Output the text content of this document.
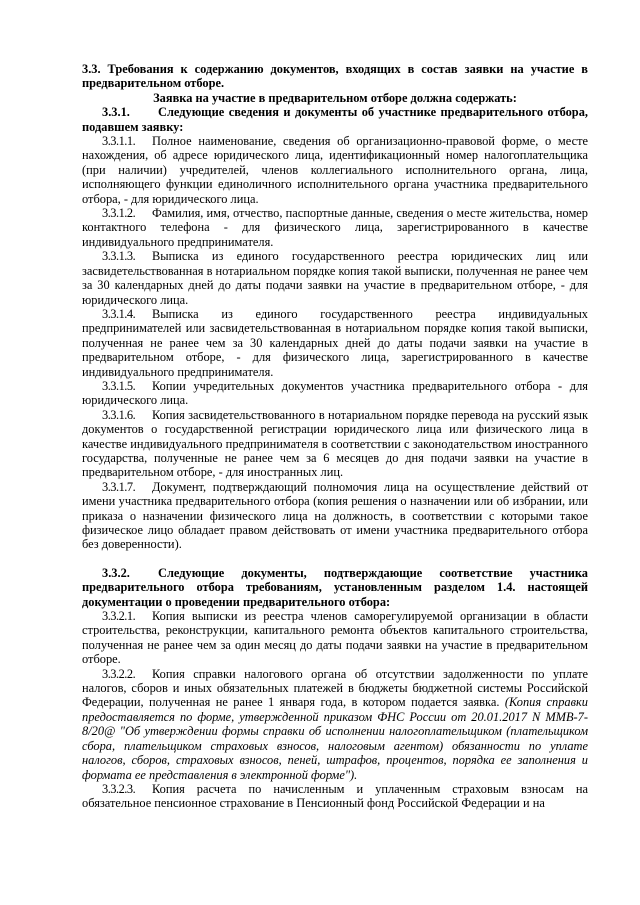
3.3. Требования к содержанию документов, входящих в состав заявки на участие в предварительном отборе.

Заявка на участие в предварительном отборе должна содержать:

3.3.1. Следующие сведения и документы об участнике предварительного отбора, подавшем заявку:

3.3.1.1. Полное наименование, сведения об организационно-правовой форме, о месте нахождения, об адресе юридического лица, идентификационный номер налогоплательщика (при наличии) учредителей, членов коллегиального исполнительного органа, лица, исполняющего функции единоличного исполнительного органа участника предварительного отбора, - для юридического лица.

3.3.1.2. Фамилия, имя, отчество, паспортные данные, сведения о месте жительства, номер контактного телефона - для физического лица, зарегистрированного в качестве индивидуального предпринимателя.

3.3.1.3. Выписка из единого государственного реестра юридических лиц или засвидетельствованная в нотариальном порядке копия такой выписки, полученная не ранее чем за 30 календарных дней до даты подачи заявки на участие в предварительном отборе, - для юридического лица.

3.3.1.4. Выписка из единого государственного реестра индивидуальных предпринимателей или засвидетельствованная в нотариальном порядке копия такой выписки, полученная не ранее чем за 30 календарных дней до даты подачи заявки на участие в предварительном отборе, - для физического лица, зарегистрированного в качестве индивидуального предпринимателя.

3.3.1.5. Копии учредительных документов участника предварительного отбора - для юридического лица.

3.3.1.6. Копия засвидетельствованного в нотариальном порядке перевода на русский язык документов о государственной регистрации юридического лица или физического лица в качестве индивидуального предпринимателя в соответствии с законодательством иностранного государства, полученные не ранее чем за 6 месяцев до дня подачи заявки на участие в предварительном отборе, - для иностранных лиц.

3.3.1.7. Документ, подтверждающий полномочия лица на осуществление действий от имени участника предварительного отбора (копия решения о назначении или об избрании, или приказа о назначении физического лица на должность, в соответствии с которыми такое физическое лицо обладает правом действовать от имени участника предварительного отбора без доверенности).

3.3.2. Следующие документы, подтверждающие соответствие участника предварительного отбора требованиям, установленным разделом 1.4. настоящей документации о проведении предварительного отбора:

3.3.2.1. Копия выписки из реестра членов саморегулируемой организации в области строительства, реконструкции, капитального ремонта объектов капитального строительства, полученная не ранее чем за один месяц до даты подачи заявки на участие в предварительном отборе.

3.3.2.2. Копия справки налогового органа об отсутствии задолженности по уплате налогов, сборов и иных обязательных платежей в бюджеты бюджетной системы Российской Федерации, полученная не ранее 1 января года, в котором подается заявка. (Копия справки предоставляется по форме, утвержденной приказом ФНС России от 20.01.2017 N ММВ-7-8/20@ "Об утверждении формы справки об исполнении налогоплательщиком (плательщиком сбора, плательщиком страховых взносов, налоговым агентом) обязанности по уплате налогов, сборов, страховых взносов, пеней, штрафов, процентов, порядка ее заполнения и формата ее представления в электронной форме").

3.3.2.3. Копия расчета по начисленным и уплаченным страховым взносам на обязательное пенсионное страхование в Пенсионный фонд Российской Федерации и на
